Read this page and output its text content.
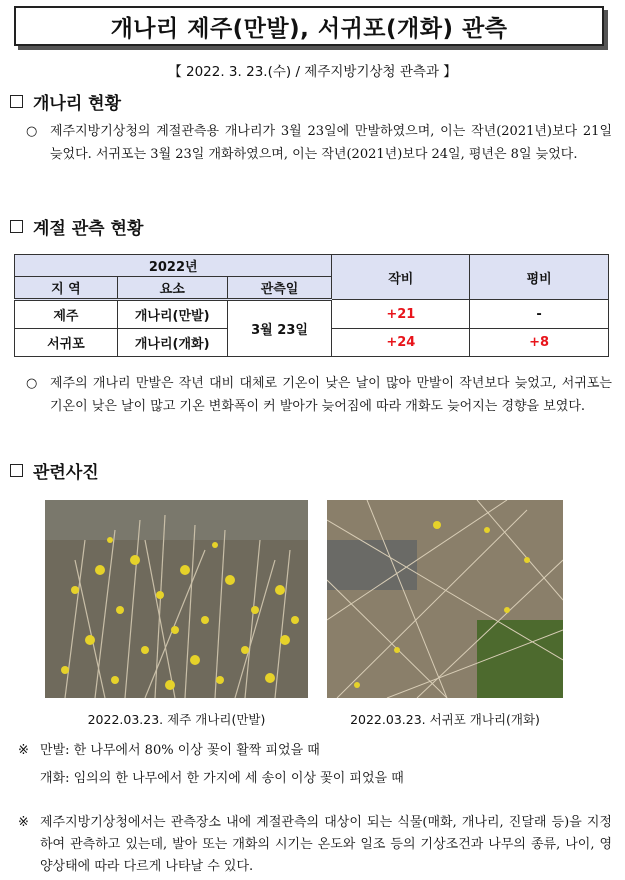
개나리 제주(만발), 서귀포(개화) 관측
【 2022. 3. 23.(수) / 제주지방기상청 관측과 】
개나리 현황
○ 제주지방기상청의 계절관측용 개나리가 3월 23일에 만발하였으며, 이는 작년(2021년)보다 21일 늦었다. 서귀포는 3월 23일 개화하였으며, 이는 작년(2021년)보다 24일, 평년은 8일 늦었다.
계절 관측 현황
2022년			작비	평비
지 역	요소	관측일		
제주	개나리(만발)	3월 23일	+21	-
서귀포	개나리(개화)		+24	+8
○ 제주의 개나리 만발은 작년 대비 대체로 기온이 낮은 날이 많아 만발이 작년보다 늦었고, 서귀포는 기온이 낮은 날이 많고 기온 변화폭이 커 발아가 늦어짐에 따라 개화도 늦어지는 경향을 보였다.
관련사진
2022.03.23. 제주 개나리(만발)	2022.03.23. 서귀포 개나리(개화)
※ 만발: 한 나무에서 80% 이상 꽃이 활짝 피었을 때
개화: 임의의 한 나무에서 한 가지에 세 송이 이상 꽃이 피었을 때
※ 제주지방기상청에서는 관측장소 내에 계절관측의 대상이 되는 식물(매화, 개나리, 진달래 등)을 지정하여 관측하고 있는데, 발아 또는 개화의 시기는 온도와 일조 등의 기상조건과 나무의 종류, 나이, 영양상태에 따라 다르게 나타날 수 있다.
